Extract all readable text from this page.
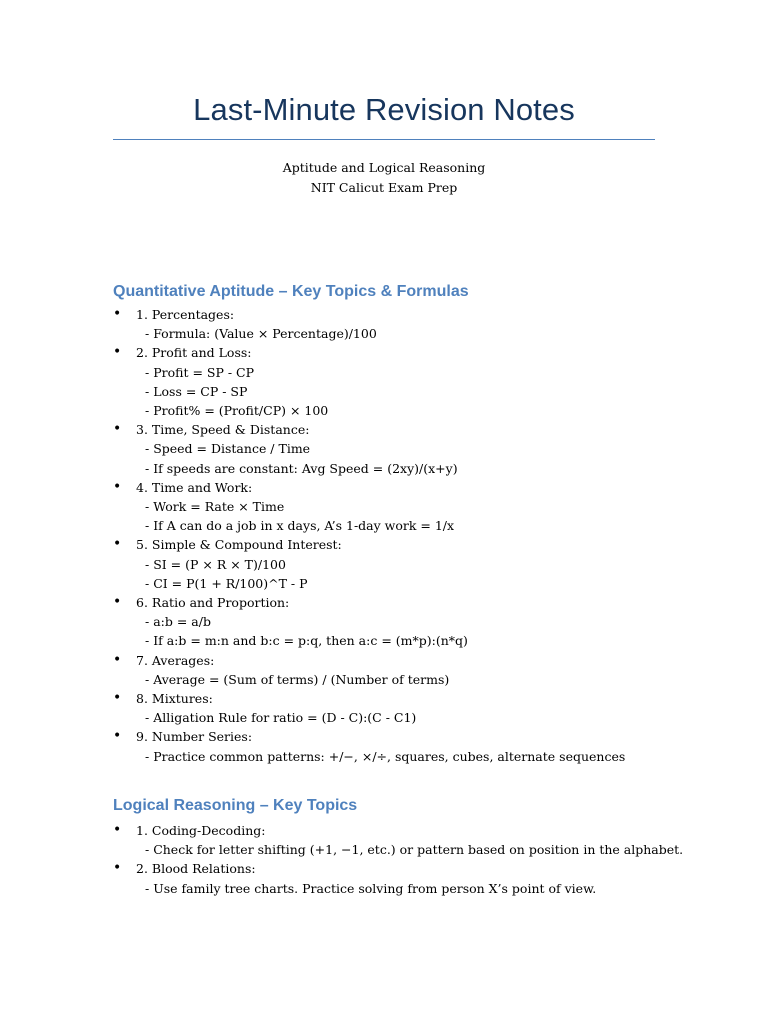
Last-Minute Revision Notes
Aptitude and Logical Reasoning
NIT Calicut Exam Prep
Quantitative Aptitude – Key Topics & Formulas
• 1. Percentages:
- Formula: (Value × Percentage)/100
• 2. Profit and Loss:
- Profit = SP - CP
- Loss = CP - SP
- Profit% = (Profit/CP) × 100
• 3. Time, Speed & Distance:
- Speed = Distance / Time
- If speeds are constant: Avg Speed = (2xy)/(x+y)
• 4. Time and Work:
- Work = Rate × Time
- If A can do a job in x days, A’s 1-day work = 1/x
• 5. Simple & Compound Interest:
- SI = (P × R × T)/100
- CI = P(1 + R/100)^T - P
• 6. Ratio and Proportion:
- a:b = a/b
- If a:b = m:n and b:c = p:q, then a:c = (m*p):(n*q)
• 7. Averages:
- Average = (Sum of terms) / (Number of terms)
• 8. Mixtures:
- Alligation Rule for ratio = (D - C):(C - C1)
• 9. Number Series:
- Practice common patterns: +/−, ×/÷, squares, cubes, alternate sequences
Logical Reasoning – Key Topics
• 1. Coding-Decoding:
- Check for letter shifting (+1, −1, etc.) or pattern based on position in the alphabet.
• 2. Blood Relations:
- Use family tree charts. Practice solving from person X’s point of view.
